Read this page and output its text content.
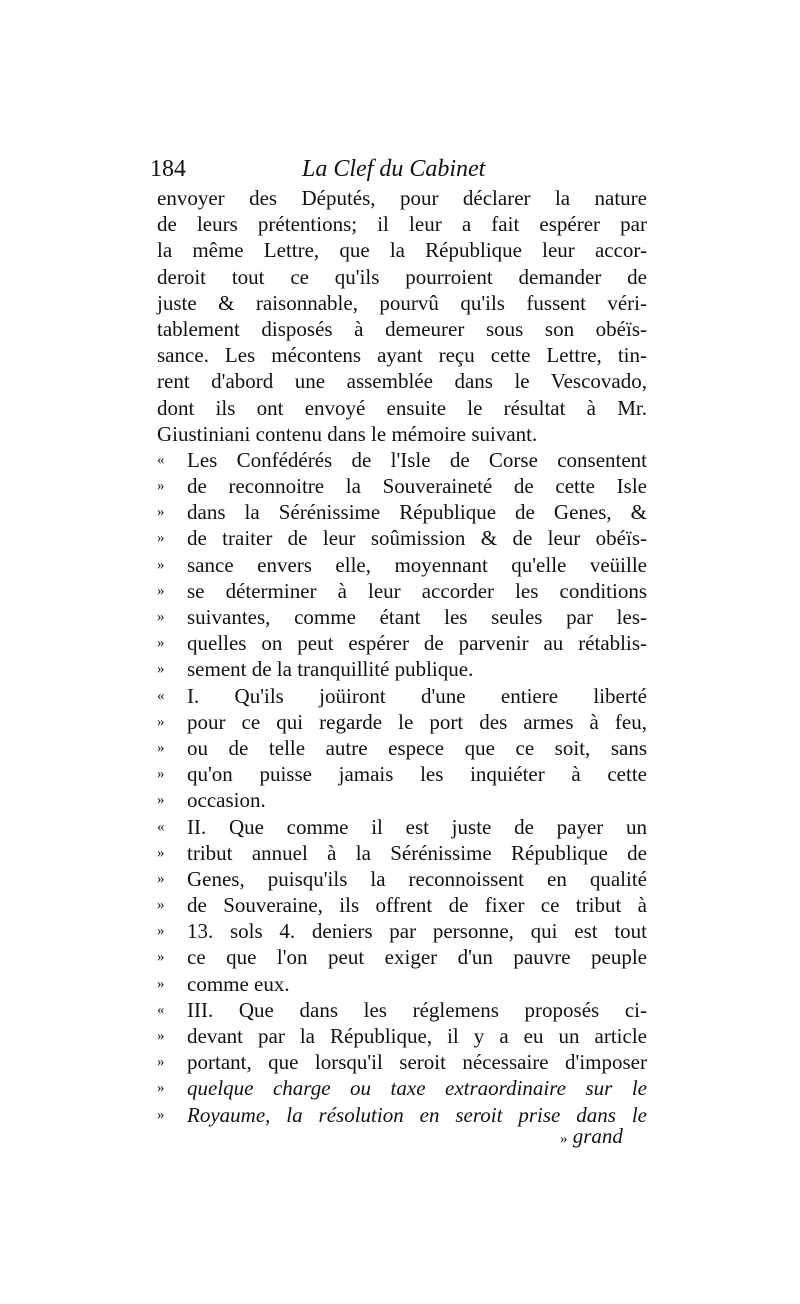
184	La Clef du Cabinet
envoyer des Députés, pour déclarer la nature
de leurs prétentions; il leur a fait espérer par
la même Lettre, que la République leur accor-
deroit tout ce qu'ils pourroient demander de
juste & raisonnable, pourvû qu'ils fussent véri-
tablement disposés à demeurer sous son obéïs-
sance. Les mécontens ayant reçu cette Lettre, tin-
rent d'abord une assemblée dans le Vescovado,
dont ils ont envoyé ensuite le résultat à Mr.
Giustiniani contenu dans le mémoire suivant.
« Les Confédérés de l'Isle de Corse consentent
» de reconnoitre la Souveraineté de cette Isle
» dans la Sérénissime République de Genes, &
» de traiter de leur soûmission & de leur obéïs-
» sance envers elle, moyennant qu'elle veüille
» se déterminer à leur accorder les conditions
» suivantes, comme étant les seules par les-
» quelles on peut espérer de parvenir au rétablis-
» sement de la tranquillité publique.
« I. Qu'ils joüiront d'une entiere liberté
» pour ce qui regarde le port des armes à feu,
» ou de telle autre espece que ce soit, sans
» qu'on puisse jamais les inquiéter à cette
» occasion.
« II. Que comme il est juste de payer un
» tribut annuel à la Sérénissime République de
» Genes, puisqu'ils la reconnoissent en qualité
» de Souveraine, ils offrent de fixer ce tribut à
» 13. sols 4. deniers par personne, qui est tout
» ce que l'on peut exiger d'un pauvre peuple
» comme eux.
« III. Que dans les réglemens proposés ci-
» devant par la République, il y a eu un article
» portant, que lorsqu'il seroit nécessaire d'imposer
» quelque charge ou taxe extraordinaire sur le
» Royaume, la résolution en seroit prise dans le
» grand
